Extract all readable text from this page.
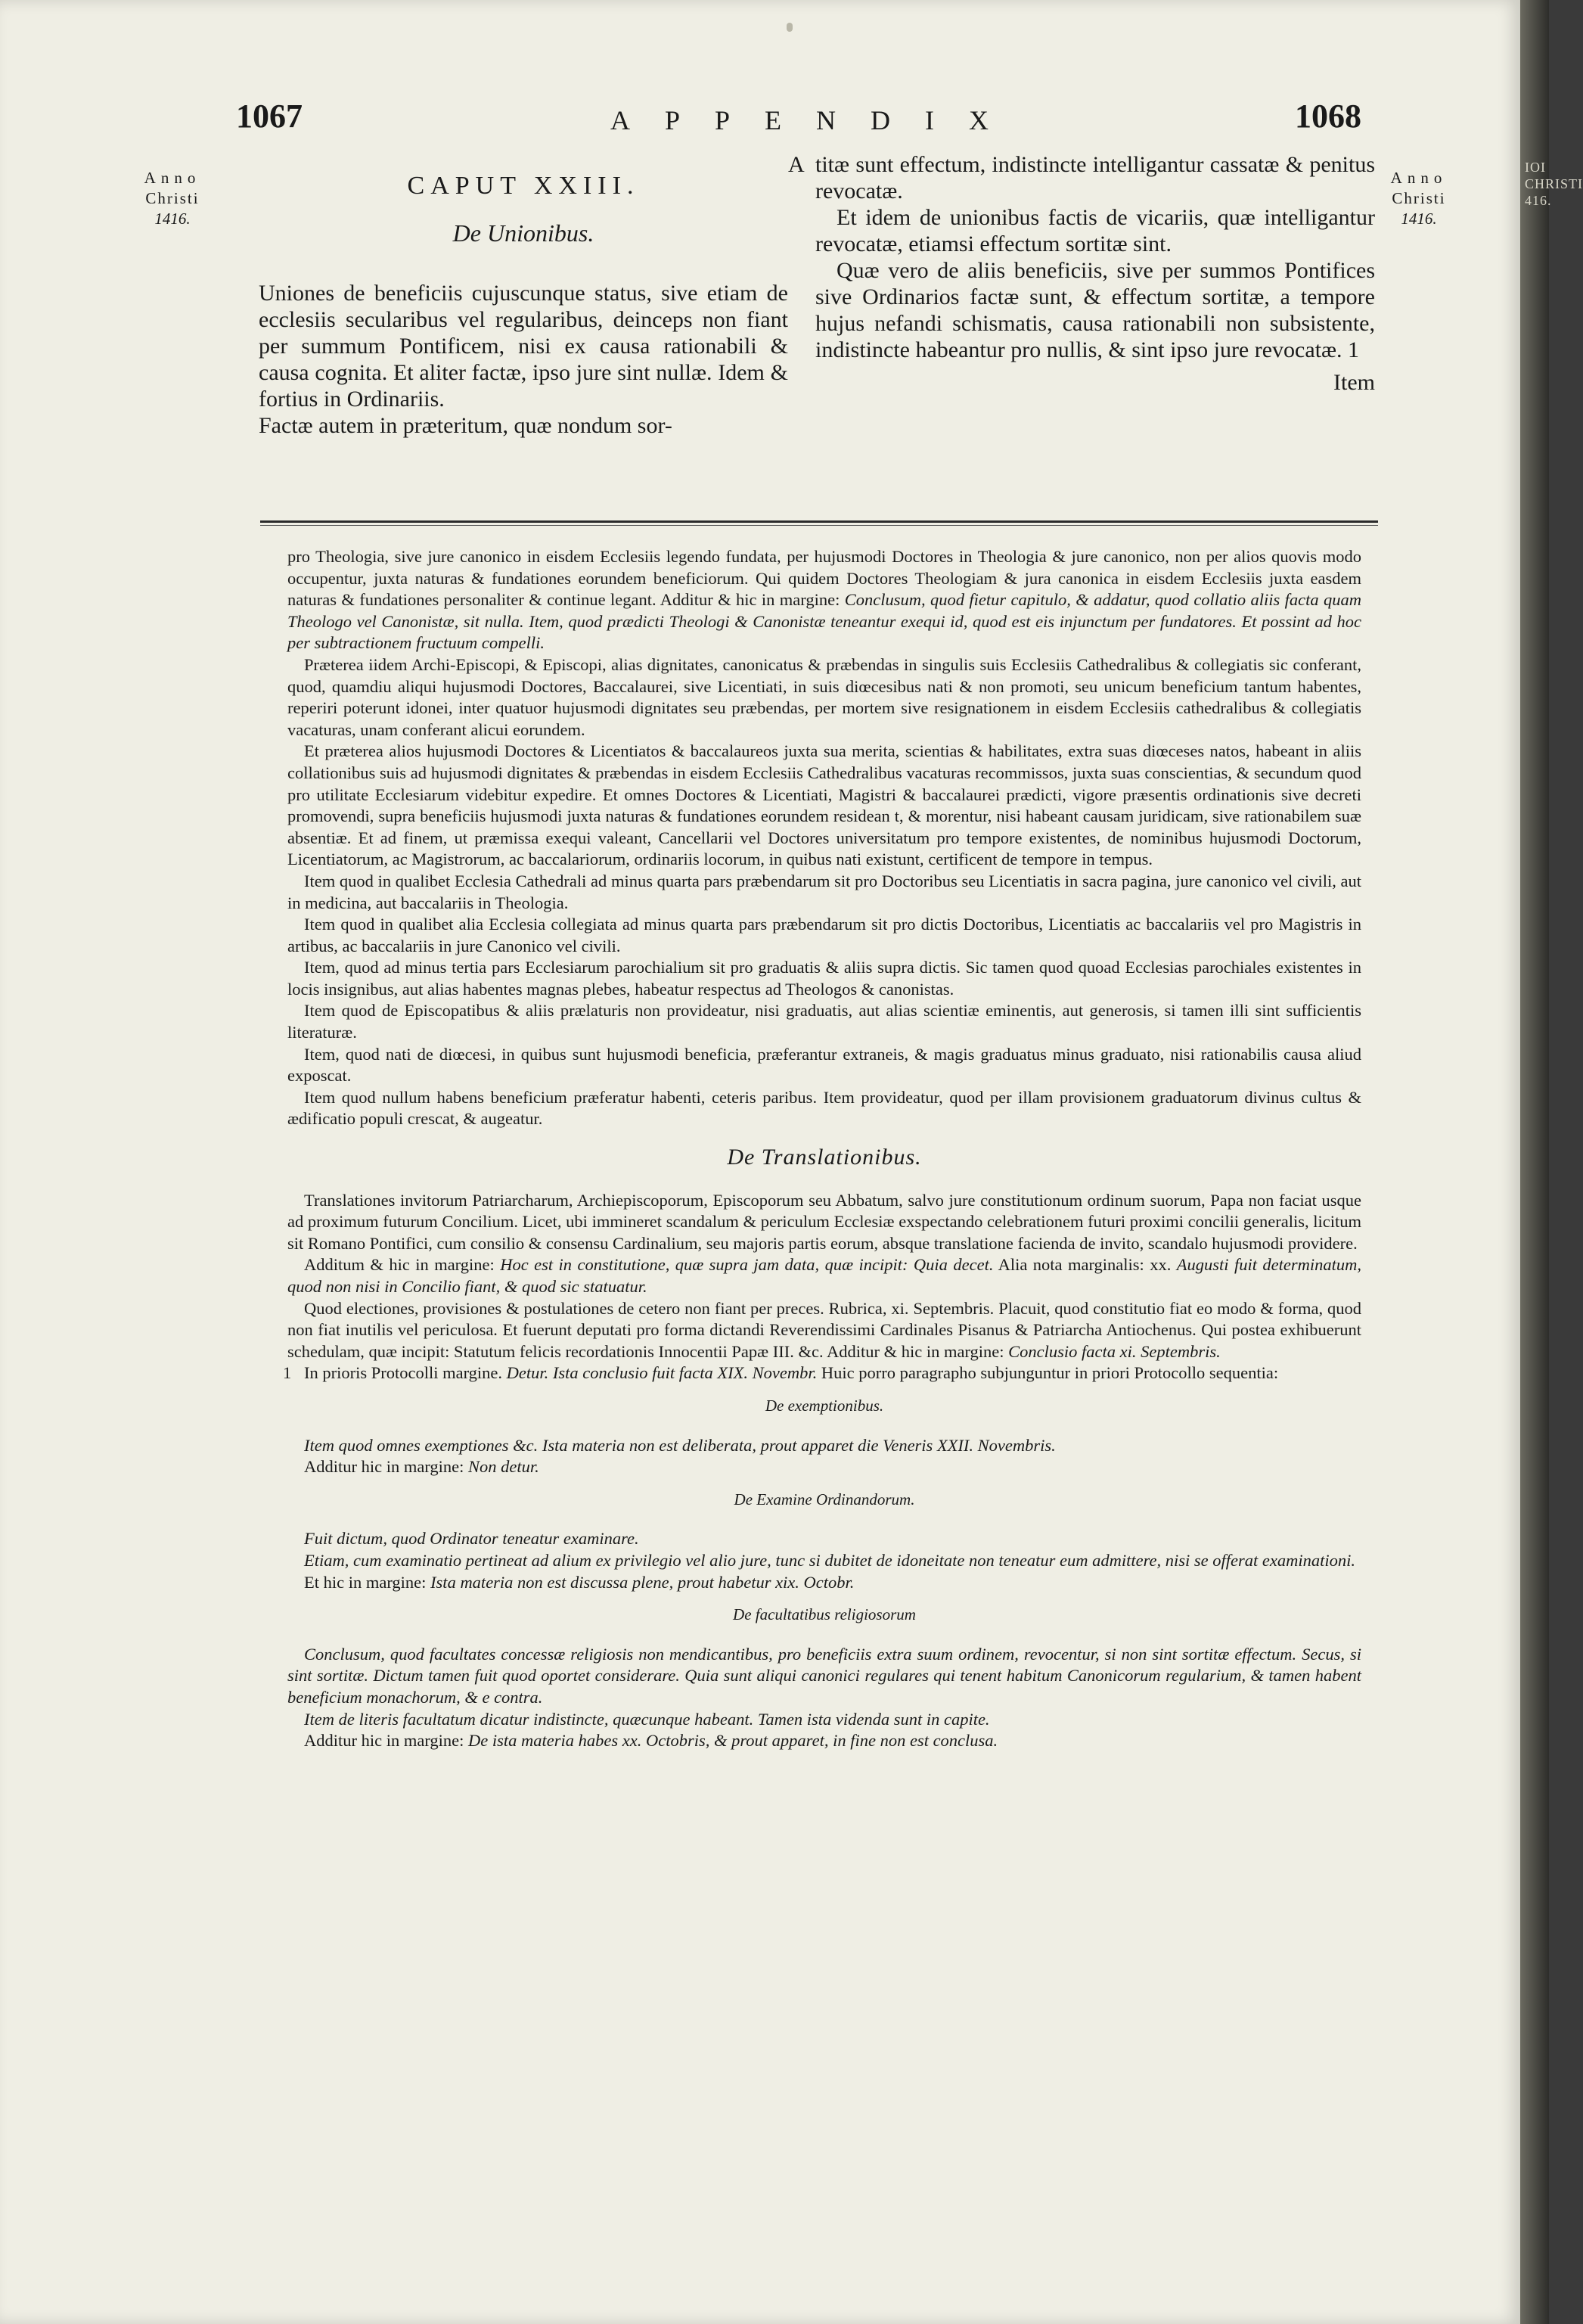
1067	APPENDIX	1068
Anno
Christi
1416.
Anno
Christi
1416.
CAPUT XXIII.
De Unionibus.

Uniones de beneficiis cujuscunque status, sive etiam de ecclesiis secularibus vel regularibus, deinceps non fiant per summum Pontificem, nisi ex causa rationabili & causa cognita. Et aliter factæ, ipso jure sint nullæ. Idem & fortius in Ordinariis.

Factæ autem in præteritum, quæ nondum sor-

A titæ sunt effectum, indistincte intelligantur cassatæ & penitus revocatæ.

Et idem de unionibus factis de vicariis, quæ intelligantur revocatæ, etiamsi effectum sortitæ sint.

Quæ vero de aliis beneficiis, sive per summos Pontifices sive Ordinarios factæ sunt, & effectum sortitæ, a tempore hujus nefandi schismatis, causa rationabili non subsistente, indistincte habeantur pro nullis, & sint ipso jure revocatæ. 1

Item

pro Theologia, sive jure canonico in eisdem Ecclesiis legendo fundata, per hujusmodi Doctores in Theologia & jure canonico, non per alios quovis modo occupentur, juxta naturas & fundationes eorundem beneficiorum. Qui quidem Doctores Theologiam & jura canonica in eisdem Ecclesiis juxta easdem naturas & fundationes personaliter & continue legant. Additur & hic in margine: Conclusum, quod fietur capitulo, & addatur, quod collatio aliis facta quam Theologo vel Canonistæ, sit nulla. Item, quod prædicti Theologi & Canonistæ teneantur exequi id, quod est eis injunctum per fundatores. Et possint ad hoc per subtractionem fructuum compelli.

Præterea iidem Archi-Episcopi, & Episcopi, alias dignitates, canonicatus & præbendas in singulis suis Ecclesiis Cathedralibus & collegiatis sic conferant, quod, quamdiu aliqui hujusmodi Doctores, Baccalaurei, sive Licentiati, in suis diœcesibus nati & non promoti, seu unicum beneficium tantum habentes, reperiri poterunt idonei, inter quatuor hujusmodi dignitates seu præbendas, per mortem sive resignationem in eisdem Ecclesiis cathedralibus & collegiatis vacaturas, unam conferant alicui eorundem.

Et præterea alios hujusmodi Doctores & Licentiatos & baccalaureos juxta sua merita, scientias & habilitates, extra suas diœceses natos, habeant in aliis collationibus suis ad hujusmodi dignitates & præbendas in eisdem Ecclesiis Cathedralibus vacaturas recommissos, juxta suas conscientias, & secundum quod pro utilitate Ecclesiarum videbitur expedire. Et omnes Doctores & Licentiati, Magistri & baccalaurei prædicti, vigore præsentis ordinationis sive decreti promovendi, supra beneficiis hujusmodi juxta naturas & fundationes eorundem residean t, & morentur, nisi habeant causam juridicam, sive rationabilem suæ absentiæ. Et ad finem, ut præmissa exequi valeant, Cancellarii vel Doctores universitatum pro tempore existentes, de nominibus hujusmodi Doctorum, Licentiatorum, ac Magistrorum, ac baccalariorum, ordinariis locorum, in quibus nati existunt, certificent de tempore in tempus.

Item quod in qualibet Ecclesia Cathedrali ad minus quarta pars præbendarum sit pro Doctoribus seu Licentiatis in sacra pagina, jure canonico vel civili, aut in medicina, aut baccalariis in Theologia.

Item quod in qualibet alia Ecclesia collegiata ad minus quarta pars præbendarum sit pro dictis Doctoribus, Licentiatis ac baccalariis vel pro Magistris in artibus, ac baccalariis in jure Canonico vel civili.

Item, quod ad minus tertia pars Ecclesiarum parochialium sit pro graduatis & aliis supra dictis. Sic tamen quod quoad Ecclesias parochiales existentes in locis insignibus, aut alias habentes magnas plebes, habeatur respectus ad Theologos & canonistas.

Item quod de Episcopatibus & aliis prælaturis non provideatur, nisi graduatis, aut alias scientiæ eminentis, aut generosis, si tamen illi sint sufficientis literaturæ.

Item, quod nati de diœcesi, in quibus sunt hujusmodi beneficia, præferantur extraneis, & magis graduatus minus graduato, nisi rationabilis causa aliud exposcat.

Item quod nullum habens beneficium præferatur habenti, ceteris paribus. Item provideatur, quod per illam provisionem graduatorum divinus cultus & ædificatio populi crescat, & augeatur.

De Translationibus.

Translationes invitorum Patriarcharum, Archiepiscoporum, Episcoporum seu Abbatum, salvo jure constitutionum ordinum suorum, Papa non faciat usque ad proximum futurum Concilium. Licet, ubi immineret scandalum & periculum Ecclesiæ exspectando celebrationem futuri proximi concilii generalis, licitum sit Romano Pontifici, cum consilio & consensu Cardinalium, seu majoris partis eorum, absque translatione facienda de invito, scandalo hujusmodi providere.

Additum & hic in margine: Hoc est in constitutione, quæ supra jam data, quæ incipit: Quia decet. Alia nota marginalis: xx. Augusti fuit determinatum, quod non nisi in Concilio fiant, & quod sic statuatur.

Quod electiones, provisiones & postulationes de cetero non fiant per preces. Rubrica, xi. Septembris. Placuit, quod constitutio fiat eo modo & forma, quod non fiat inutilis vel periculosa. Et fuerunt deputati pro forma dictandi Reverendissimi Cardinales Pisanus & Patriarcha Antiochenus. Qui postea exhibuerunt schedulam, quæ incipit: Statutum felicis recordationis Innocentii Papæ III. &c. Additur & hic in margine: Conclusio facta xi. Septembris.

1 In prioris Protocolli margine. Detur. Ista conclusio fuit facta XIX. Novembr. Huic porro paragrapho subjunguntur in priori Protocollo sequentia:

De exemptionibus.

Item quod omnes exemptiones &c. Ista materia non est deliberata, prout apparet die Veneris XXII. Novembris.

Additur hic in margine: Non detur.

De Examine Ordinandorum.

Fuit dictum, quod Ordinator teneatur examinare.

Etiam, cum examinatio pertineat ad alium ex privilegio vel alio jure, tunc si dubitet de idoneitate non teneatur eum admittere, nisi se offerat examinationi.

Et hic in margine: Ista materia non est discussa plene, prout habetur xix. Octobr.

De facultatibus religiosorum

Conclusum, quod facultates concessæ religiosis non mendicantibus, pro beneficiis extra suum ordinem, revocentur, si non sint sortitæ effectum. Secus, si sint sortitæ. Dictum tamen fuit quod oportet considerare. Quia sunt aliqui canonici regulares qui tenent habitum Canonicorum regularium, & tamen habent beneficium monachorum, & e contra.

Item de literis facultatum dicatur indistincte, quæcunque habeant. Tamen ista videnda sunt in capite.

Additur hic in margine: De ista materia habes xx. Octobris, & prout apparet, in fine non est conclusa.

IOI CHRISTI 416.
